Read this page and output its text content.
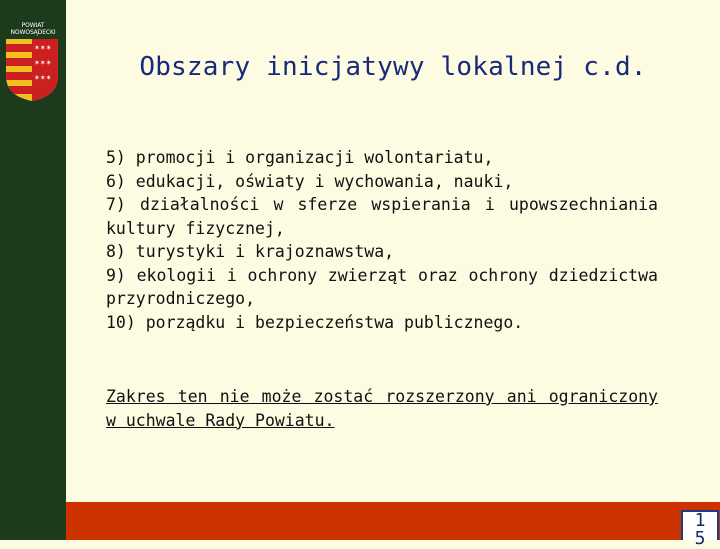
POWIAT
NOWOSĄDECKI
✶✶✶
✶✶✶
✶✶✶	Obszary inicjatywy lokalnej c.d.

5) promocji i organizacji wolontariatu,

6) edukacji, oświaty i wychowania, nauki,

7) działalności w sferze wspierania i upowszechniania kultury fizycznej,

8) turystyki i krajoznawstwa,

9) ekologii i ochrony zwierząt oraz ochrony dziedzictwa przyrodniczego,

10) porządku i bezpieczeństwa publicznego.

Zakres ten nie może zostać rozszerzony ani ograniczony w uchwale Rady Powiatu.
1
5
